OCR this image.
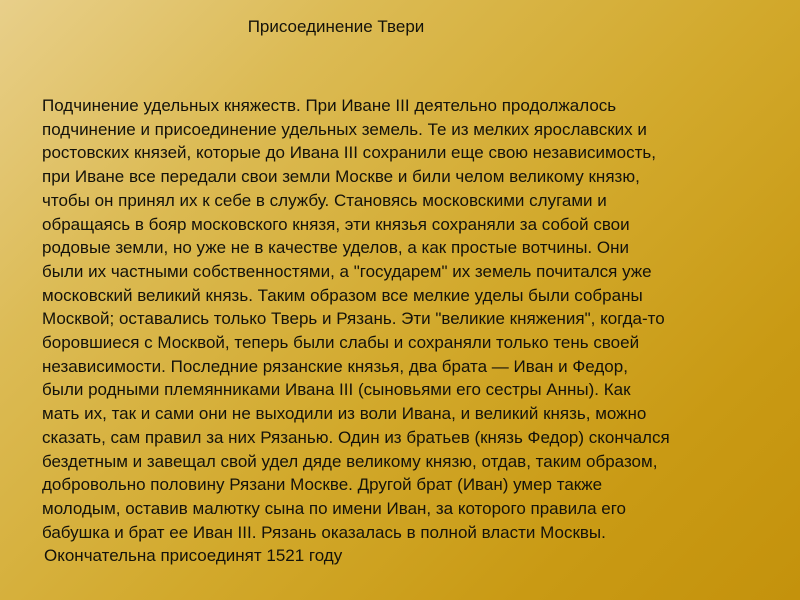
Присоединение Твери
Подчинение удельных княжеств. При Иване III деятельно продолжалось
подчинение и присоединение удельных земель. Те из мелких ярославских и
ростовских князей, которые до Ивана III сохранили еще свою независимость,
при Иване все передали свои земли Москве и били челом великому князю,
чтобы он принял их к себе в службу. Становясь московскими слугами и
обращаясь в бояр московского князя, эти князья сохраняли за собой свои
родовые земли, но уже не в качестве уделов, а как простые вотчины. Они
были их частными собственностями, а "государем" их земель почитался уже
московский великий князь. Таким образом все мелкие уделы были собраны
Москвой; оставались только Тверь и Рязань. Эти "великие княжения", когда-то
боровшиеся с Москвой, теперь были слабы и сохраняли только тень своей
независимости. Последние рязанские князья, два брата — Иван и Федор,
были родными племянниками Ивана III (сыновьями его сестры Анны). Как
мать их, так и сами они не выходили из воли Ивана, и великий князь, можно
сказать, сам правил за них Рязанью. Один из братьев (князь Федор) скончался
бездетным и завещал свой удел дяде великому князю, отдав, таким образом,
добровольно половину Рязани Москве. Другой брат (Иван) умер также
молодым, оставив малютку сына по имени Иван, за которого правила его
бабушка и брат ее Иван III. Рязань оказалась в полной власти Москвы.
Окончательна присоединят 1521 году
